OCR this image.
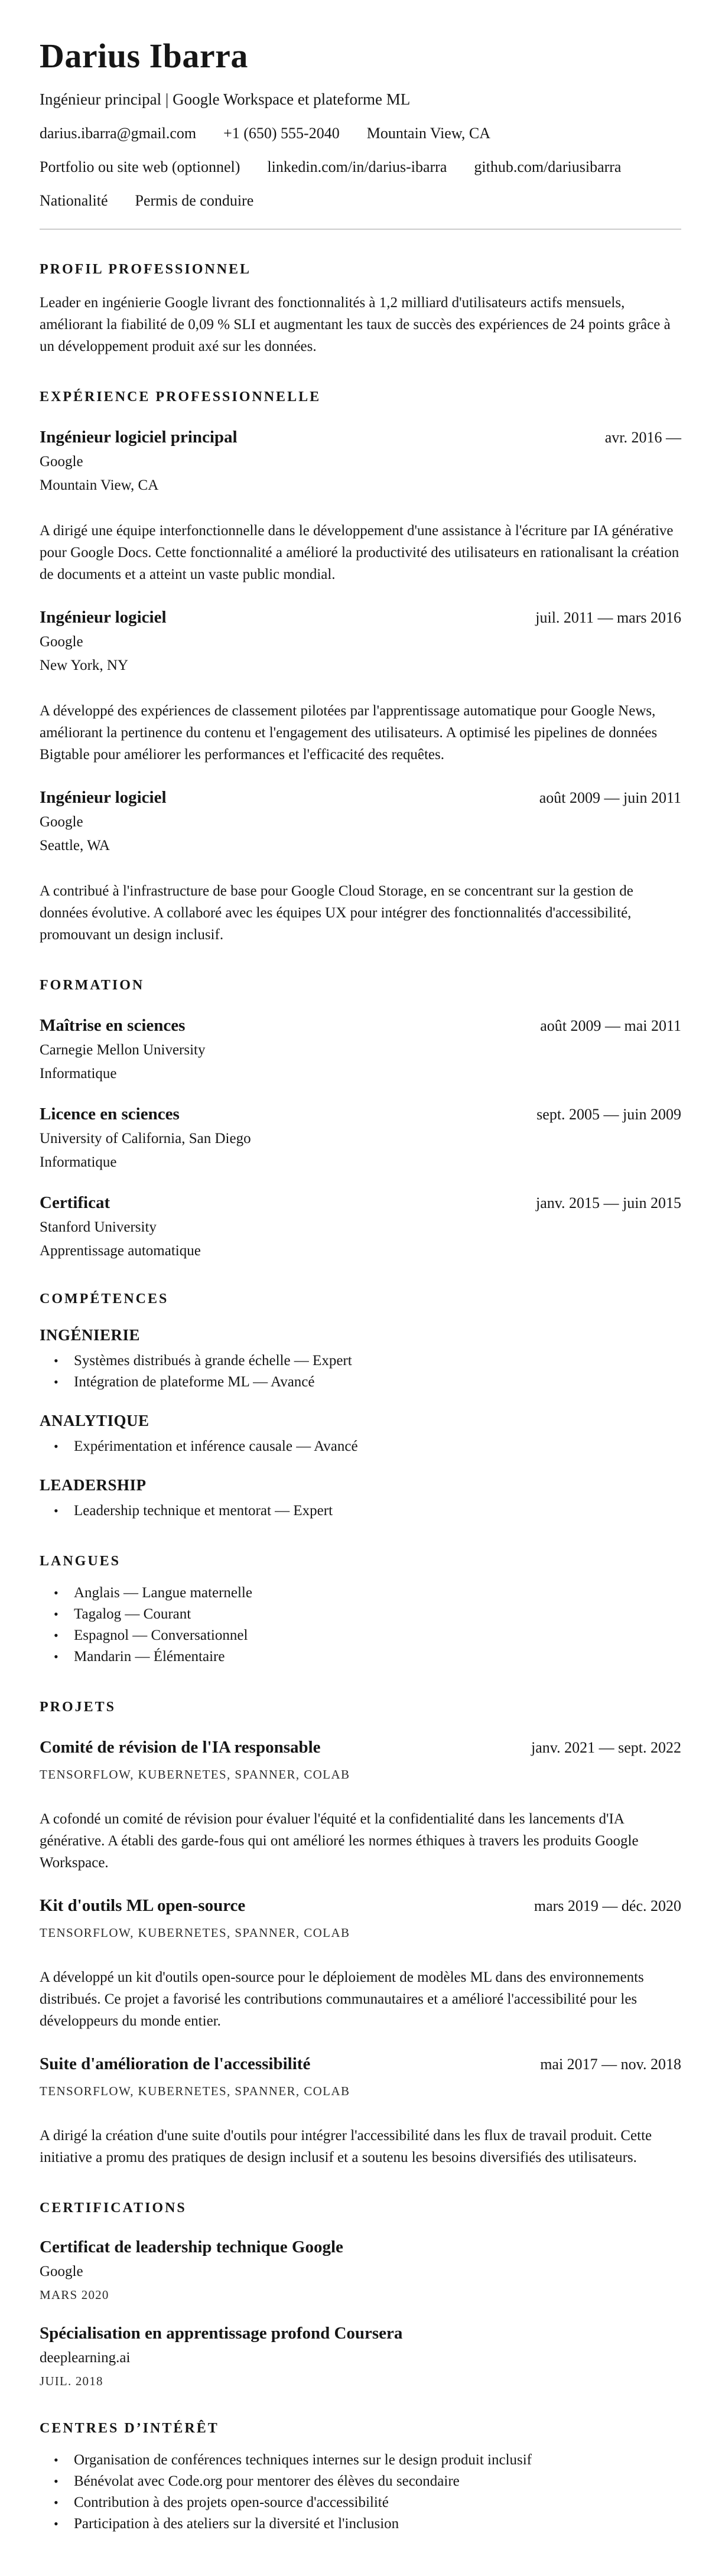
Darius Ibarra
Ingénieur principal | Google Workspace et plateforme ML
darius.ibarra@gmail.com +1 (650) 555-2040 Mountain View, CA
Portfolio ou site web (optionnel) linkedin.com/in/darius-ibarra github.com/dariusibarra
Nationalité Permis de conduire
PROFIL PROFESSIONNEL
Leader en ingénierie Google livrant des fonctionnalités à 1,2 milliard d'utilisateurs actifs mensuels, améliorant la fiabilité de 0,09 % SLI et augmentant les taux de succès des expériences de 24 points grâce à un développement produit axé sur les données.
EXPÉRIENCE PROFESSIONNELLE
Ingénieur logiciel principal	avr. 2016 —
Google
Mountain View, CA
A dirigé une équipe interfonctionnelle dans le développement d'une assistance à l'écriture par IA générative pour Google Docs. Cette fonctionnalité a amélioré la productivité des utilisateurs en rationalisant la création de documents et a atteint un vaste public mondial.
Ingénieur logiciel	juil. 2011 — mars 2016
Google
New York, NY
A développé des expériences de classement pilotées par l'apprentissage automatique pour Google News, améliorant la pertinence du contenu et l'engagement des utilisateurs. A optimisé les pipelines de données Bigtable pour améliorer les performances et l'efficacité des requêtes.
Ingénieur logiciel	août 2009 — juin 2011
Google
Seattle, WA
A contribué à l'infrastructure de base pour Google Cloud Storage, en se concentrant sur la gestion de données évolutive. A collaboré avec les équipes UX pour intégrer des fonctionnalités d'accessibilité, promouvant un design inclusif.
FORMATION
Maîtrise en sciences	août 2009 — mai 2011
Carnegie Mellon University
Informatique
Licence en sciences	sept. 2005 — juin 2009
University of California, San Diego
Informatique
Certificat	janv. 2015 — juin 2015
Stanford University
Apprentissage automatique
COMPÉTENCES
INGÉNIERIE
• Systèmes distribués à grande échelle — Expert
• Intégration de plateforme ML — Avancé
ANALYTIQUE
• Expérimentation et inférence causale — Avancé
LEADERSHIP
• Leadership technique et mentorat — Expert
LANGUES
• Anglais — Langue maternelle
• Tagalog — Courant
• Espagnol — Conversationnel
• Mandarin — Élémentaire
PROJETS
Comité de révision de l'IA responsable	janv. 2021 — sept. 2022
TENSORFLOW, KUBERNETES, SPANNER, COLAB
A cofondé un comité de révision pour évaluer l'équité et la confidentialité dans les lancements d'IA générative. A établi des garde-fous qui ont amélioré les normes éthiques à travers les produits Google Workspace.
Kit d'outils ML open-source	mars 2019 — déc. 2020
TENSORFLOW, KUBERNETES, SPANNER, COLAB
A développé un kit d'outils open-source pour le déploiement de modèles ML dans des environnements distribués. Ce projet a favorisé les contributions communautaires et a amélioré l'accessibilité pour les développeurs du monde entier.
Suite d'amélioration de l'accessibilité	mai 2017 — nov. 2018
TENSORFLOW, KUBERNETES, SPANNER, COLAB
A dirigé la création d'une suite d'outils pour intégrer l'accessibilité dans les flux de travail produit. Cette initiative a promu des pratiques de design inclusif et a soutenu les besoins diversifiés des utilisateurs.
CERTIFICATIONS
Certificat de leadership technique Google
Google
MARS 2020
Spécialisation en apprentissage profond Coursera
deeplearning.ai
JUIL. 2018
CENTRES D’INTÉRÊT
• Organisation de conférences techniques internes sur le design produit inclusif
• Bénévolat avec Code.org pour mentorer des élèves du secondaire
• Contribution à des projets open-source d'accessibilité
• Participation à des ateliers sur la diversité et l'inclusion
